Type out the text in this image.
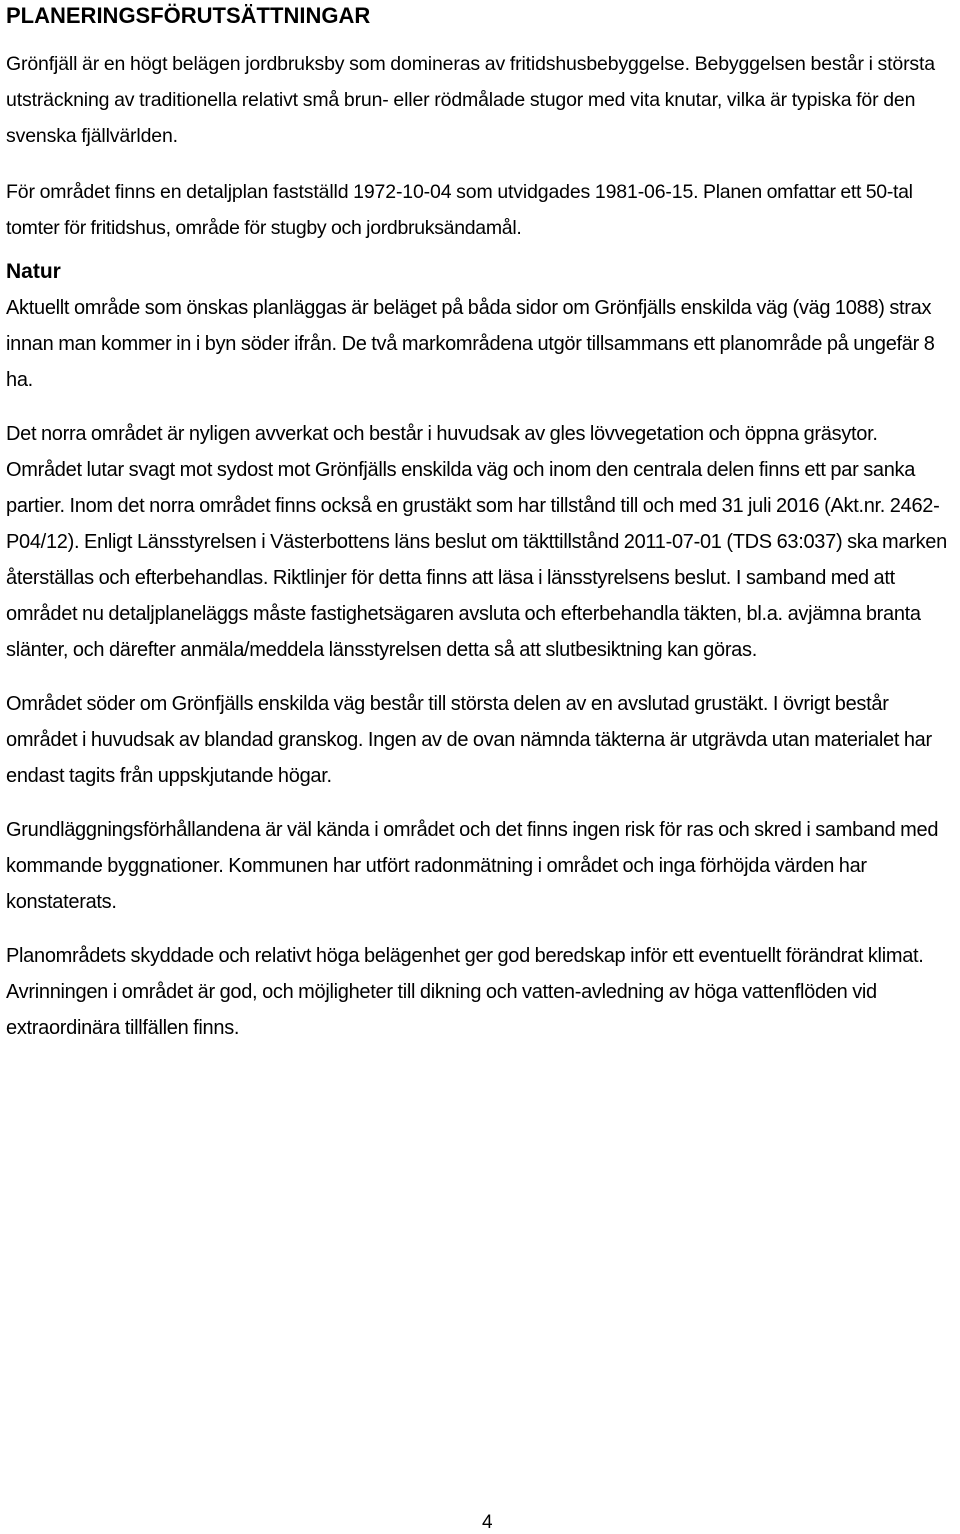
PLANERINGSFÖRUTSÄTTNINGAR

Grönfjäll är en högt belägen jordbruksby som domineras av fritidshusbebyggelse. Bebyggelsen består i största utsträckning av traditionella relativt små brun- eller rödmålade stugor med vita knutar, vilka är typiska för den svenska fjällvärlden.

För området finns en detaljplan fastställd 1972-10-04 som utvidgades 1981-06-15. Planen omfattar ett 50-tal tomter för fritidshus, område för stugby och jordbruksändamål.

Natur

Aktuellt område som önskas planläggas är beläget på båda sidor om Grönfjälls enskilda väg (väg 1088) strax innan man kommer in i byn söder ifrån. De två markområdena utgör tillsammans ett planområde på ungefär 8 ha.

Det norra området är nyligen avverkat och består i huvudsak av gles lövvegetation och öppna gräsytor. Området lutar svagt mot sydost mot Grönfjälls enskilda väg och inom den centrala delen finns ett par sanka partier. Inom det norra området finns också en grustäkt som har tillstånd till och med 31 juli 2016 (Akt.nr. 2462-P04/12). Enligt Länsstyrelsen i Västerbottens läns beslut om täkttillstånd 2011-07-01 (TDS 63:037) ska marken återställas och efterbehandlas. Riktlinjer för detta finns att läsa i länsstyrelsens beslut. I samband med att området nu detaljplaneläggs måste fastighetsägaren avsluta och efterbehandla täkten, bl.a. avjämna branta slänter, och därefter anmäla/meddela länsstyrelsen detta så att slutbesiktning kan göras.

Området söder om Grönfjälls enskilda väg består till största delen av en avslutad grustäkt. I övrigt består området i huvudsak av blandad granskog. Ingen av de ovan nämnda täkterna är utgrävda utan materialet har endast tagits från uppskjutande högar.

Grundläggningsförhållandena är väl kända i området och det finns ingen risk för ras och skred i samband med kommande byggnationer. Kommunen har utfört radonmätning i området och inga förhöjda värden har konstaterats.

Planområdets skyddade och relativt höga belägenhet ger god beredskap inför ett eventuellt förändrat klimat. Avrinningen i området är god, och möjligheter till dikning och vatten-avledning av höga vattenflöden vid extraordinära tillfällen finns.

4
